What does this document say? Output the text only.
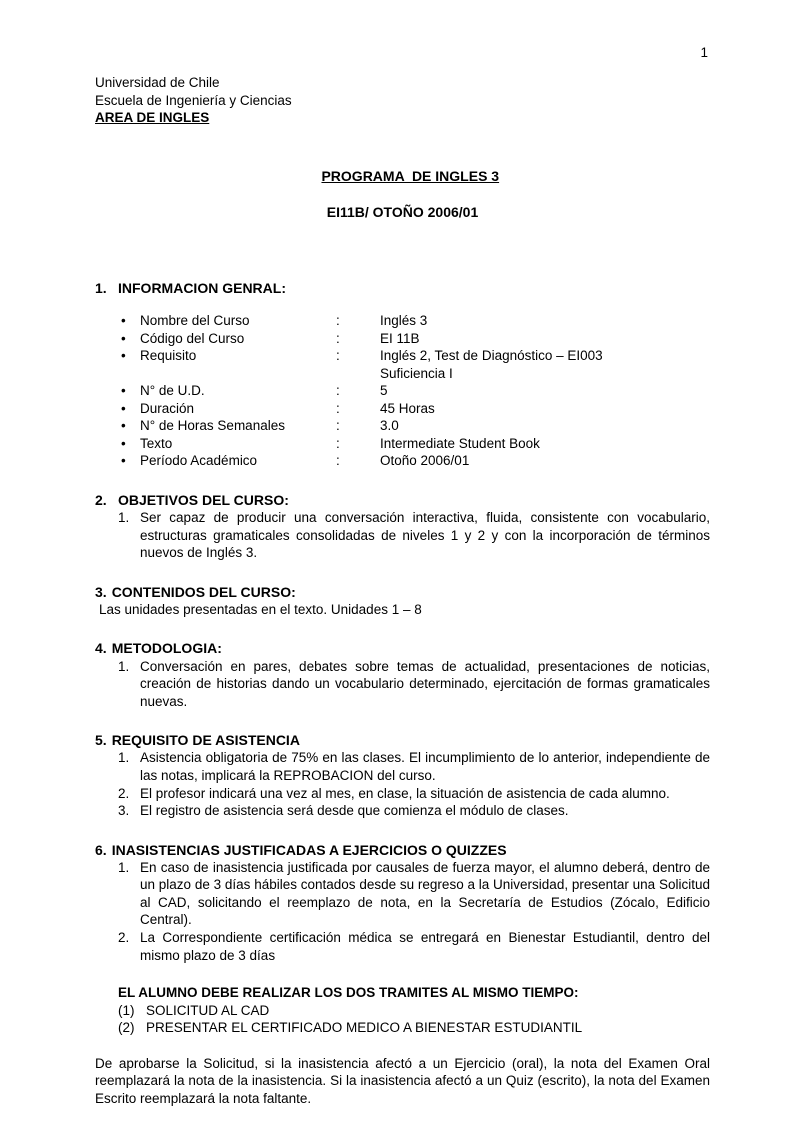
1
Universidad de Chile
Escuela de Ingeniería y Ciencias
AREA DE INGLES

PROGRAMA  DE INGLES 3

EI11B/ OTOÑO 2006/01

1. INFORMACION GENRAL:
•	Nombre del Curso	:	Inglés 3
•	Código del Curso	:	EI 11B
•	Requisito	:	Inglés 2, Test de Diagnóstico – EI003
Suficiencia I
•	N° de U.D.	:	5
•	Duración	:	45 Horas
•	N° de Horas Semanales	:	3.0
•	Texto	:	Intermediate Student Book
•	Período Académico	:	Otoño 2006/01
2. OBJETIVOS DEL CURSO:
1. Ser capaz de producir una conversación interactiva, fluida, consistente con vocabulario, estructuras gramaticales consolidadas de niveles 1 y 2 y con la incorporación de términos nuevos de Inglés 3.
3. CONTENIDOS DEL CURSO:
Las unidades presentadas en el texto. Unidades 1 – 8
4. METODOLOGIA:
1. Conversación en pares, debates sobre temas de actualidad, presentaciones de noticias, creación de historias dando un vocabulario determinado, ejercitación de formas gramaticales nuevas.
5. REQUISITO DE ASISTENCIA
1. Asistencia obligatoria de 75% en las clases. El incumplimiento de lo anterior, independiente de las notas, implicará la REPROBACION del curso.
2. El profesor indicará una vez al mes, en clase, la situación de asistencia de cada alumno.
3. El registro de asistencia será desde que comienza el módulo de clases.
6. INASISTENCIAS JUSTIFICADAS A EJERCICIOS O QUIZZES
1. En caso de inasistencia justificada por causales de fuerza mayor, el alumno deberá, dentro de un plazo de 3 días hábiles contados desde su regreso a la Universidad, presentar una Solicitud al CAD, solicitando el reemplazo de nota, en la Secretaría de Estudios (Zócalo, Edificio Central).
2. La Correspondiente certificación médica se entregará en Bienestar Estudiantil, dentro del mismo plazo de 3 días
EL ALUMNO DEBE REALIZAR LOS DOS TRAMITES AL MISMO TIEMPO:
(1) SOLICITUD AL CAD
(2) PRESENTAR EL CERTIFICADO MEDICO A BIENESTAR ESTUDIANTIL
De aprobarse la Solicitud, si la inasistencia afectó a un Ejercicio (oral), la nota del Examen Oral reemplazará la nota de la inasistencia. Si la inasistencia afectó a un Quiz (escrito), la nota del Examen Escrito reemplazará la nota faltante.
